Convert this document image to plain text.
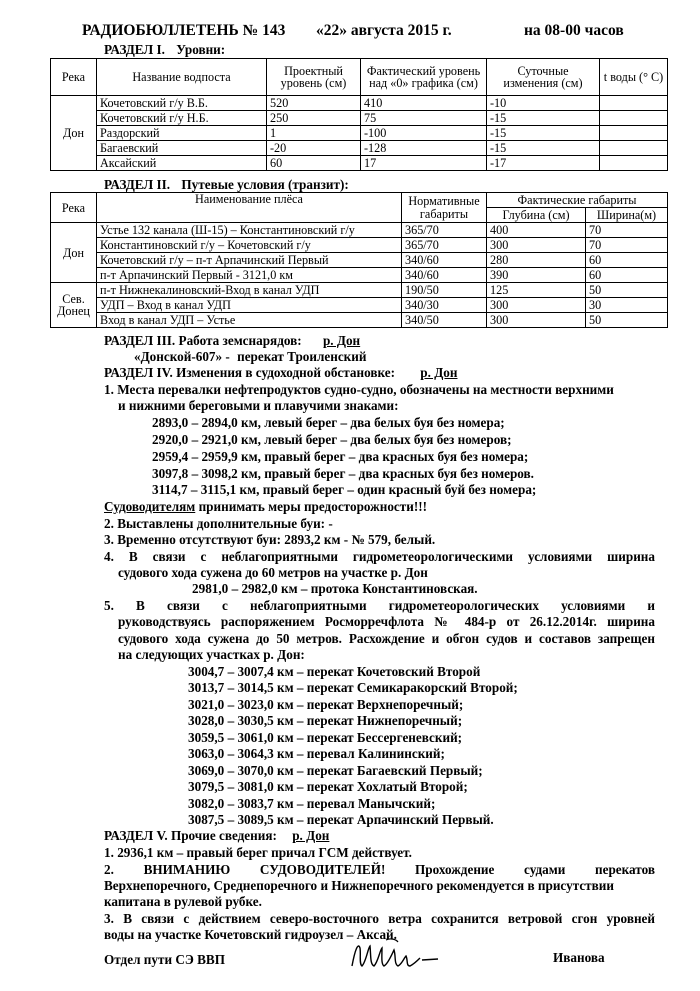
РАДИОБЮЛЛЕТЕНЬ № 143 «22» августа 2015 г.	на 08-00 часов
РАЗДЕЛ I. Уровни:
Река	Название водпоста	Проектный уровень (см)	Фактический уровень над «0» графика (см)	Суточные изменения (см)	t воды (° С)
Дон	Кочетовский г/у В.Б.	520	410	-10	
	Кочетовский г/у Н.Б.	250	75	-15	
	Раздорский	1	-100	-15	
	Багаевский	-20	-128	-15	
	Аксайский	60	17	-17	
РАЗДЕЛ II. Путевые условия (транзит):
Река	Наименование плёса	Нормативные габариты	Фактические габариты	
			Глубина (см)	Ширина(м)
Дон	Устье 132 канала (Ш-15) – Константиновский г/у	365/70	400	70
	Константиновский г/у – Кочетовский г/у	365/70	300	70
	Кочетовский г/у – п-т Арпачинский Первый	340/60	280	60
	п-т Арпачинский Первый - 3121,0 км	340/60	390	60
Сев. Донец	п-т Нижнекалиновский-Вход в канал УДП	190/50	125	50
	УДП – Вход в канал УДП	340/30	300	30
	Вход в канал УДП – Устье	340/50	300	50
РАЗДЕЛ III. Работа земснарядов: р. Дон
«Донской-607» - перекат Троиленский
РАЗДЕЛ IV. Изменения в судоходной обстановке: р. Дон
1. Места перевалки нефтепродуктов судно-судно, обозначены на местности верхними
и нижними береговыми и плавучими знаками:
2893,0 – 2894,0 км, левый берег – два белых буя без номера;
2920,0 – 2921,0 км, левый берег – два белых буя без номеров;
2959,4 – 2959,9 км, правый берег – два красных буя без номера;
3097,8 – 3098,2 км, правый берег – два красных буя без номеров.
3114,7 – 3115,1 км, правый берег – один красный буй без номера;
Судоводителям принимать меры предосторожности!!!
2. Выставлены дополнительные буи: -
3. Временно отсутствуют буи: 2893,2 км - № 579, белый.
4. В связи с неблагоприятными гидрометеорологическими условиями ширина
судового хода сужена до 60 метров на участке р. Дон
2981,0 – 2982,0 км – протока Константиновская.
5. В связи с неблагоприятными гидрометеорологических условиями и
руководствуясь распоряжением Росморречфлота № 484-р от 26.12.2014г. ширина
судового хода сужена до 50 метров. Расхождение и обгон судов и составов запрещен
на следующих участках р. Дон:
3004,7 – 3007,4 км – перекат Кочетовский Второй
3013,7 – 3014,5 км – перекат Семикаракорский Второй;
3021,0 – 3023,0 км – перекат Верхнепоречный;
3028,0 – 3030,5 км – перекат Нижнепоречный;
3059,5 – 3061,0 км – перекат Бессергеневский;
3063,0 – 3064,3 км – перевал Калининский;
3069,0 – 3070,0 км – перекат Багаевский Первый;
3079,5 – 3081,0 км – перекат Хохлатый Второй;
3082,0 – 3083,7 км – перевал Манычский;
3087,5 – 3089,5 км – перекат Арпачинский Первый.
РАЗДЕЛ V. Прочие сведения: р. Дон
1. 2936,1 км – правый берег причал ГСМ действует.
2. ВНИМАНИЮ СУДОВОДИТЕЛЕЙ! Прохождение судами перекатов
Верхнепоречного, Среднепоречного и Нижнепоречного рекомендуется в присутствии
капитана в рулевой рубке.
3. В связи с действием северо-восточного ветра сохранится ветровой сгон уровней
воды на участке Кочетовский гидроузел – Аксай.
Отдел пути СЭ ВВП	Иванова
